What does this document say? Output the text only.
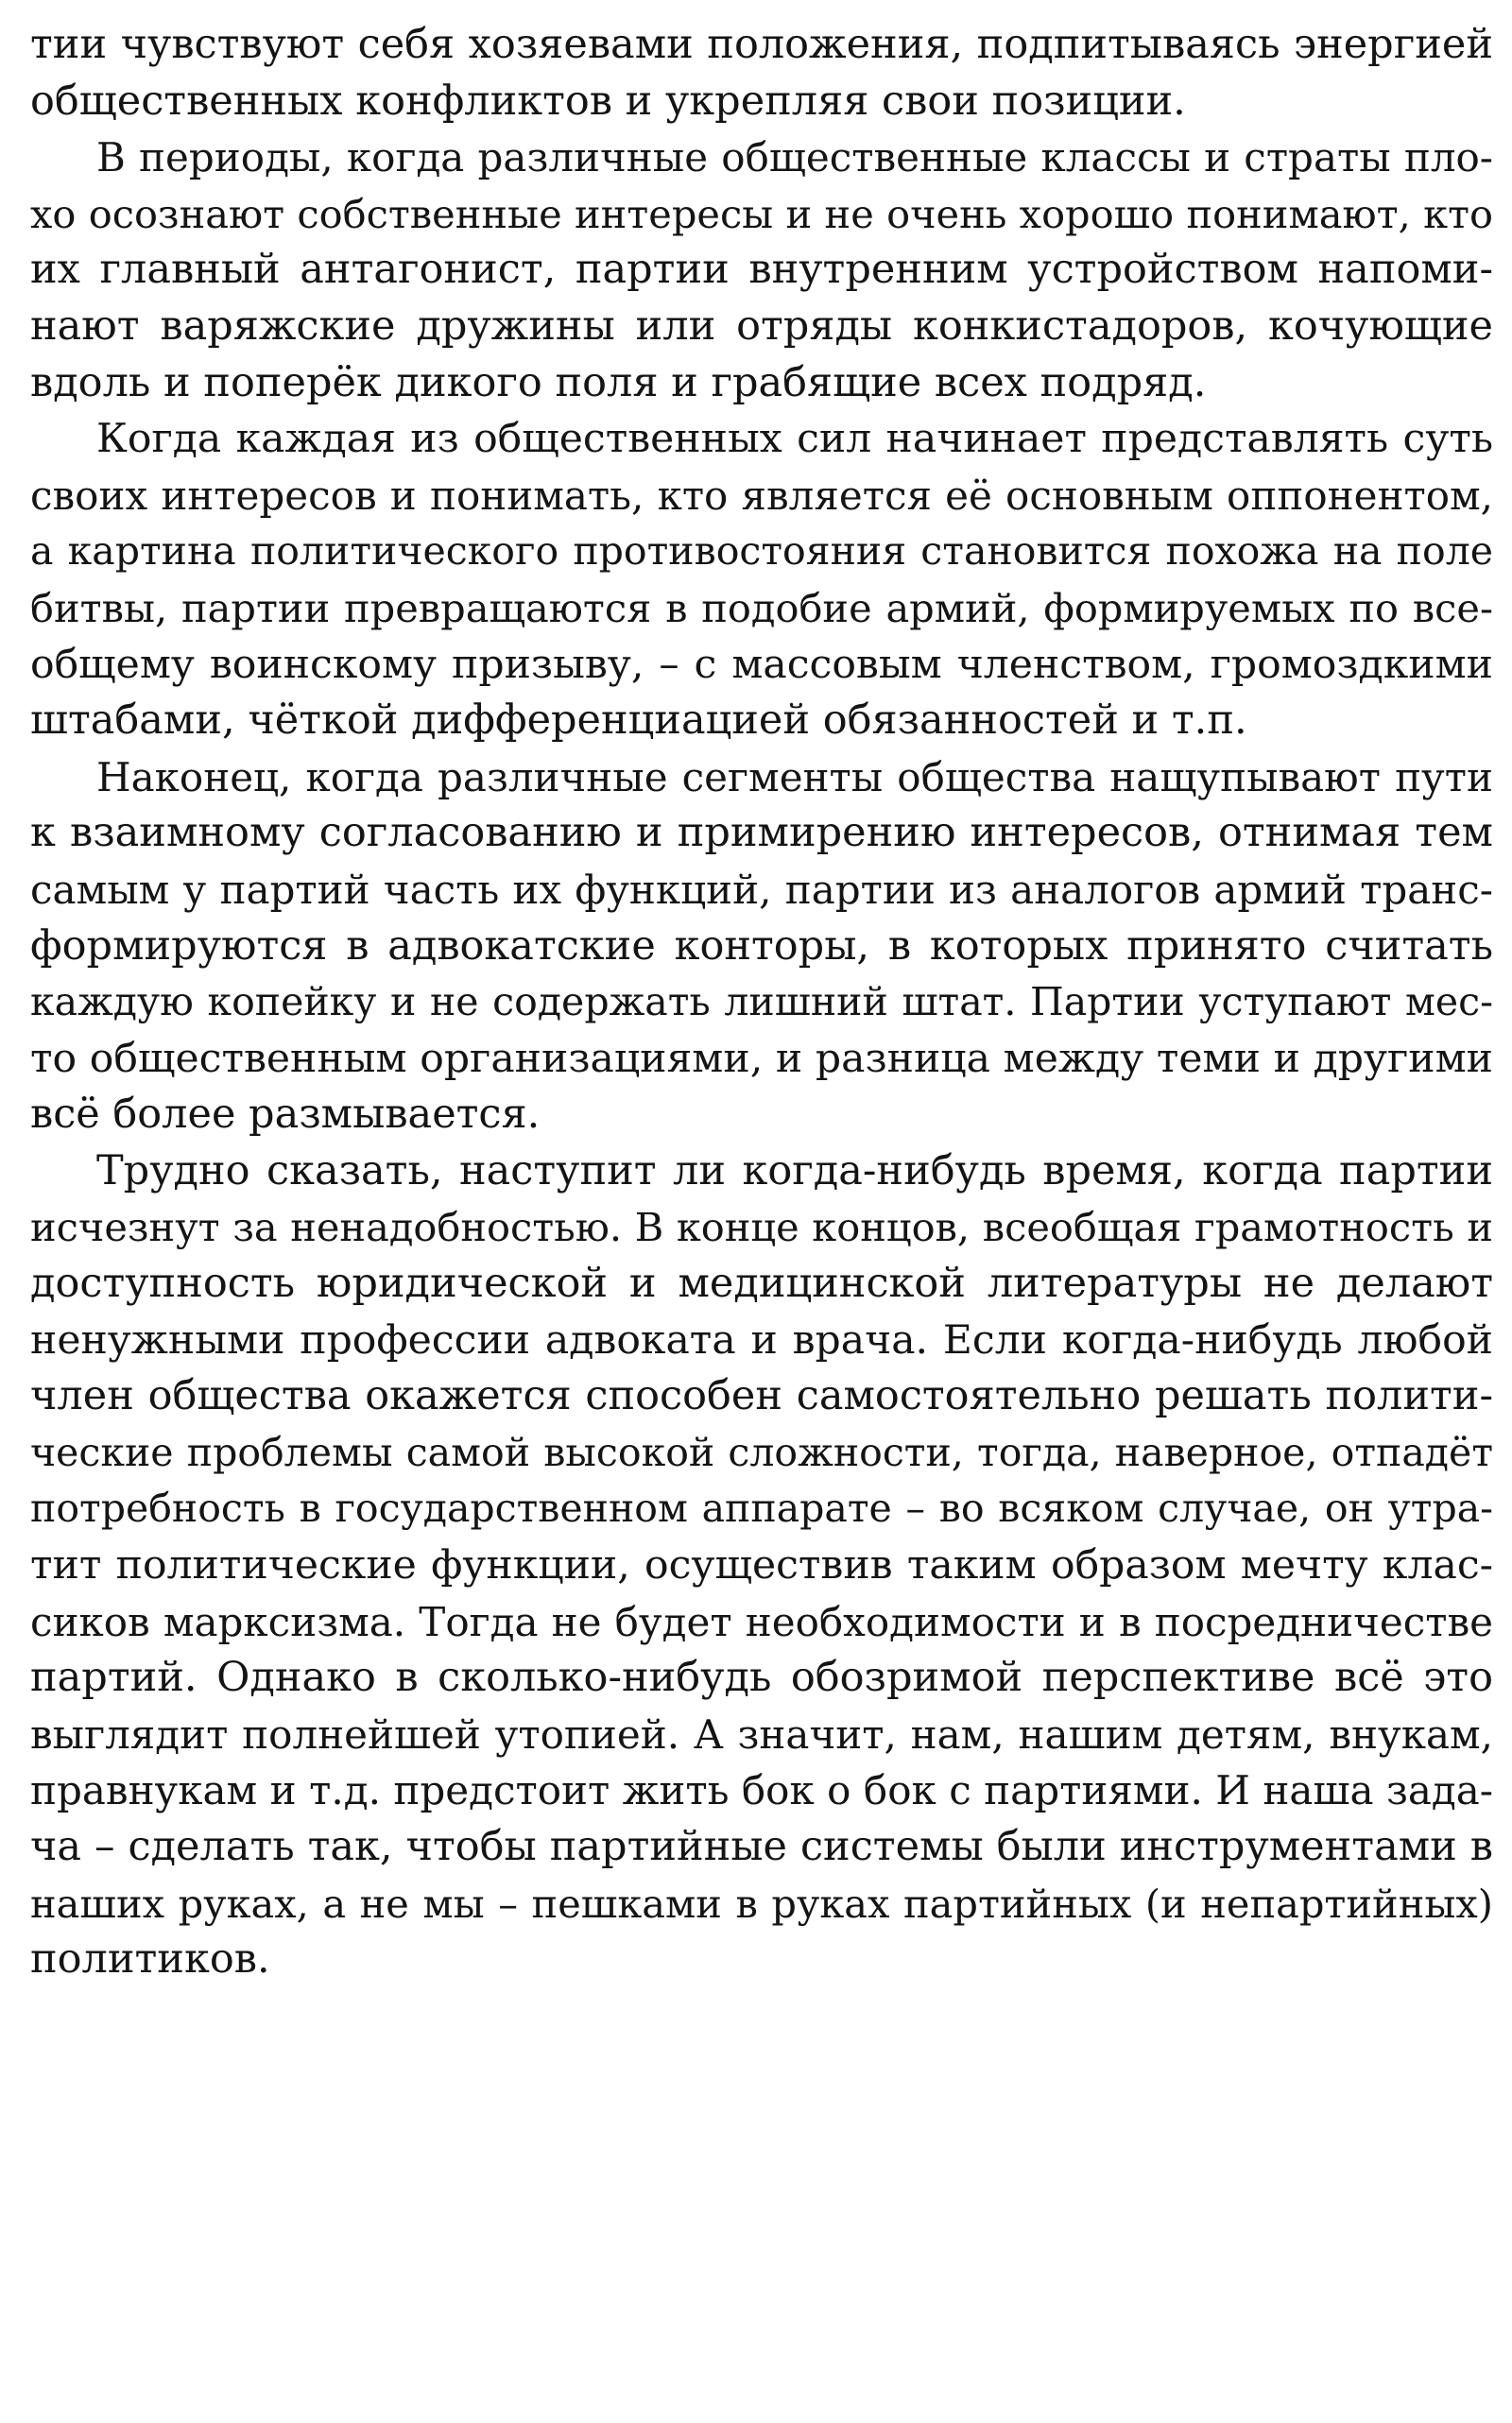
тии чувствуют себя хозяевами положения, подпитываясь энергией
общественных конфликтов и укрепляя свои позиции.
В периоды, когда различные общественные классы и страты пло-
хо осознают собственные интересы и не очень хорошо понимают, кто
их главный антагонист, партии внутренним устройством напоми-
нают варяжские дружины или отряды конкистадоров, кочующие
вдоль и поперёк дикого поля и грабящие всех подряд.
Когда каждая из общественных сил начинает представлять суть
своих интересов и понимать, кто является её основным оппонентом,
а картина политического противостояния становится похожа на поле
битвы, партии превращаются в подобие армий, формируемых по все-
общему воинскому призыву, – с массовым членством, громоздкими
штабами, чёткой дифференциацией обязанностей и т.п.
Наконец, когда различные сегменты общества нащупывают пути
к взаимному согласованию и примирению интересов, отнимая тем
самым у партий часть их функций, партии из аналогов армий транс-
формируются в адвокатские конторы, в которых принято считать
каждую копейку и не содержать лишний штат. Партии уступают мес-
то общественным организациями, и разница между теми и другими
всё более размывается.
Трудно сказать, наступит ли когда-нибудь время, когда партии
исчезнут за ненадобностью. В конце концов, всеобщая грамотность и
доступность юридической и медицинской литературы не делают
ненужными профессии адвоката и врача. Если когда-нибудь любой
член общества окажется способен самостоятельно решать полити-
ческие проблемы самой высокой сложности, тогда, наверное, отпадёт
потребность в государственном аппарате – во всяком случае, он утра-
тит политические функции, осуществив таким образом мечту клас-
сиков марксизма. Тогда не будет необходимости и в посредничестве
партий. Однако в сколько-нибудь обозримой перспективе всё это
выглядит полнейшей утопией. А значит, нам, нашим детям, внукам,
правнукам и т.д. предстоит жить бок о бок с партиями. И наша зада-
ча – сделать так, чтобы партийные системы были инструментами в
наших руках, а не мы – пешками в руках партийных (и непартийных)
политиков.
